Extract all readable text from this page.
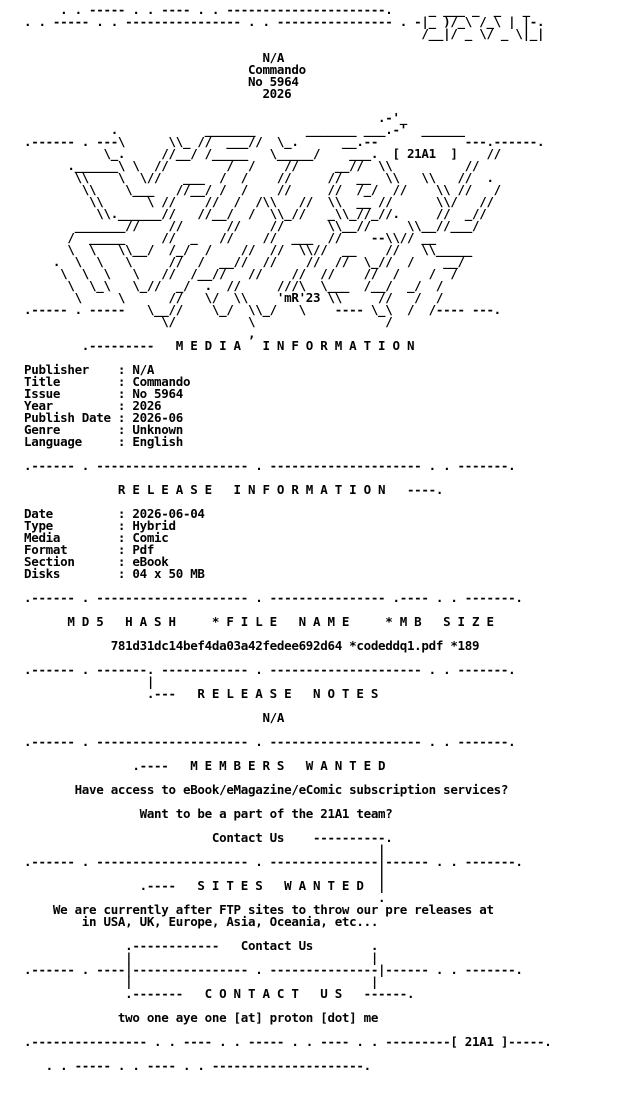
. . ----- . . ---- . . ----------------------.     _ ___ _  _   _
. . ----- . . ---------------- . . ---------------- . -|_ )/_\ /_\ | |-.
/__|/ _ \/ _ \|_|
N/A
Commando
No 5964
2026
.-'_
.            _______       _______ ___.-'  ______
.------ . ---\      \\_ //  ___//  \_.      __.--            ---.------.
\_.     //__/ /_____   \_____/    ___.  [ 21A1  ]    //
.______\ \  //        /  /    //     __//  \\          //
\\    \  \//   ___  /  /    //     //  __  \\   \\   //  .
\\    \___   //__/ /  /    //     //  /_/  //    \\ //   /
\\      \ //    //  /  /\\   //  \\  __ //      \\/   //
\\.______//   //__/  /  \\_//   _\\_//_//.     //  _//
_______//    //      //    //      \\__//     \\__//___/
/  _____     //  _   //    //  ___  //    --\\// __
\  \   \\__/  /_/  /    //  //  \\//  __    //   \\_____
.  \  \   \     //  /  __//  //    //  //  \_//  /    __/
\  \  \   \   //  /__//   //    //  //    //  /    /  /
\  \_\   \_//  _/  .  //     ///\  \___  /__/  _/  /
\     \      //   \/  \\    'mR'23 \\     //   /  /
.----- . -----   \__//    \_/  \\_/   \    ---- \_\  /  /---- ---.
\/          \                  /
,
.---------   M E D I A   I N F O R M A T I O N
Publisher    : N/A
Title        : Commando
Issue        : No 5964
Year         : 2026
Publish Date : 2026-06
Genre        : Unknown
Language     : English
.------ . --------------------- . --------------------- . . -------.
R E L E A S E   I N F O R M A T I O N   ----.
Date         : 2026-06-04
Type         : Hybrid
Media        : Comic
Format       : Pdf
Section      : eBook
Disks        : 04 x 50 MB
.------ . --------------------- . ---------------- .---- . . -------.
M D 5   H A S H     * F I L E   N A M E     * M B   S I Z E
781d31dc14bef4da03a42fedee692d64 *codeddq1.pdf *189
.------ . -------. ------------ . --------------------- . . -------.
|
.---   R E L E A S E   N O T E S
N/A
.------ . --------------------- . --------------------- . . -------.
.----   M E M B E R S   W A N T E D
Have access to eBook/eMagazine/eComic subscription services?
Want to be a part of the 21A1 team?
Contact Us    ----------.
|
.------ . --------------------- . ---------------|------ . . -------.
|
.----   S I T E S   W A N T E D  |
.
We are currently after FTP sites to throw our pre releases at
in USA, UK, Europe, Asia, Oceania, etc...
.------------   Contact Us        .
|                                 |
.------ . ----|---------------- . ---------------|------ . . -------.
|                                 |
.-------   C O N T A C T   U S   ------.
two one aye one [at] proton [dot] me
.---------------- . . ---- . . ----- . . ---- . . ---------[ 21A1 ]-----.
. . ----- . . ---- . . ---------------------.
